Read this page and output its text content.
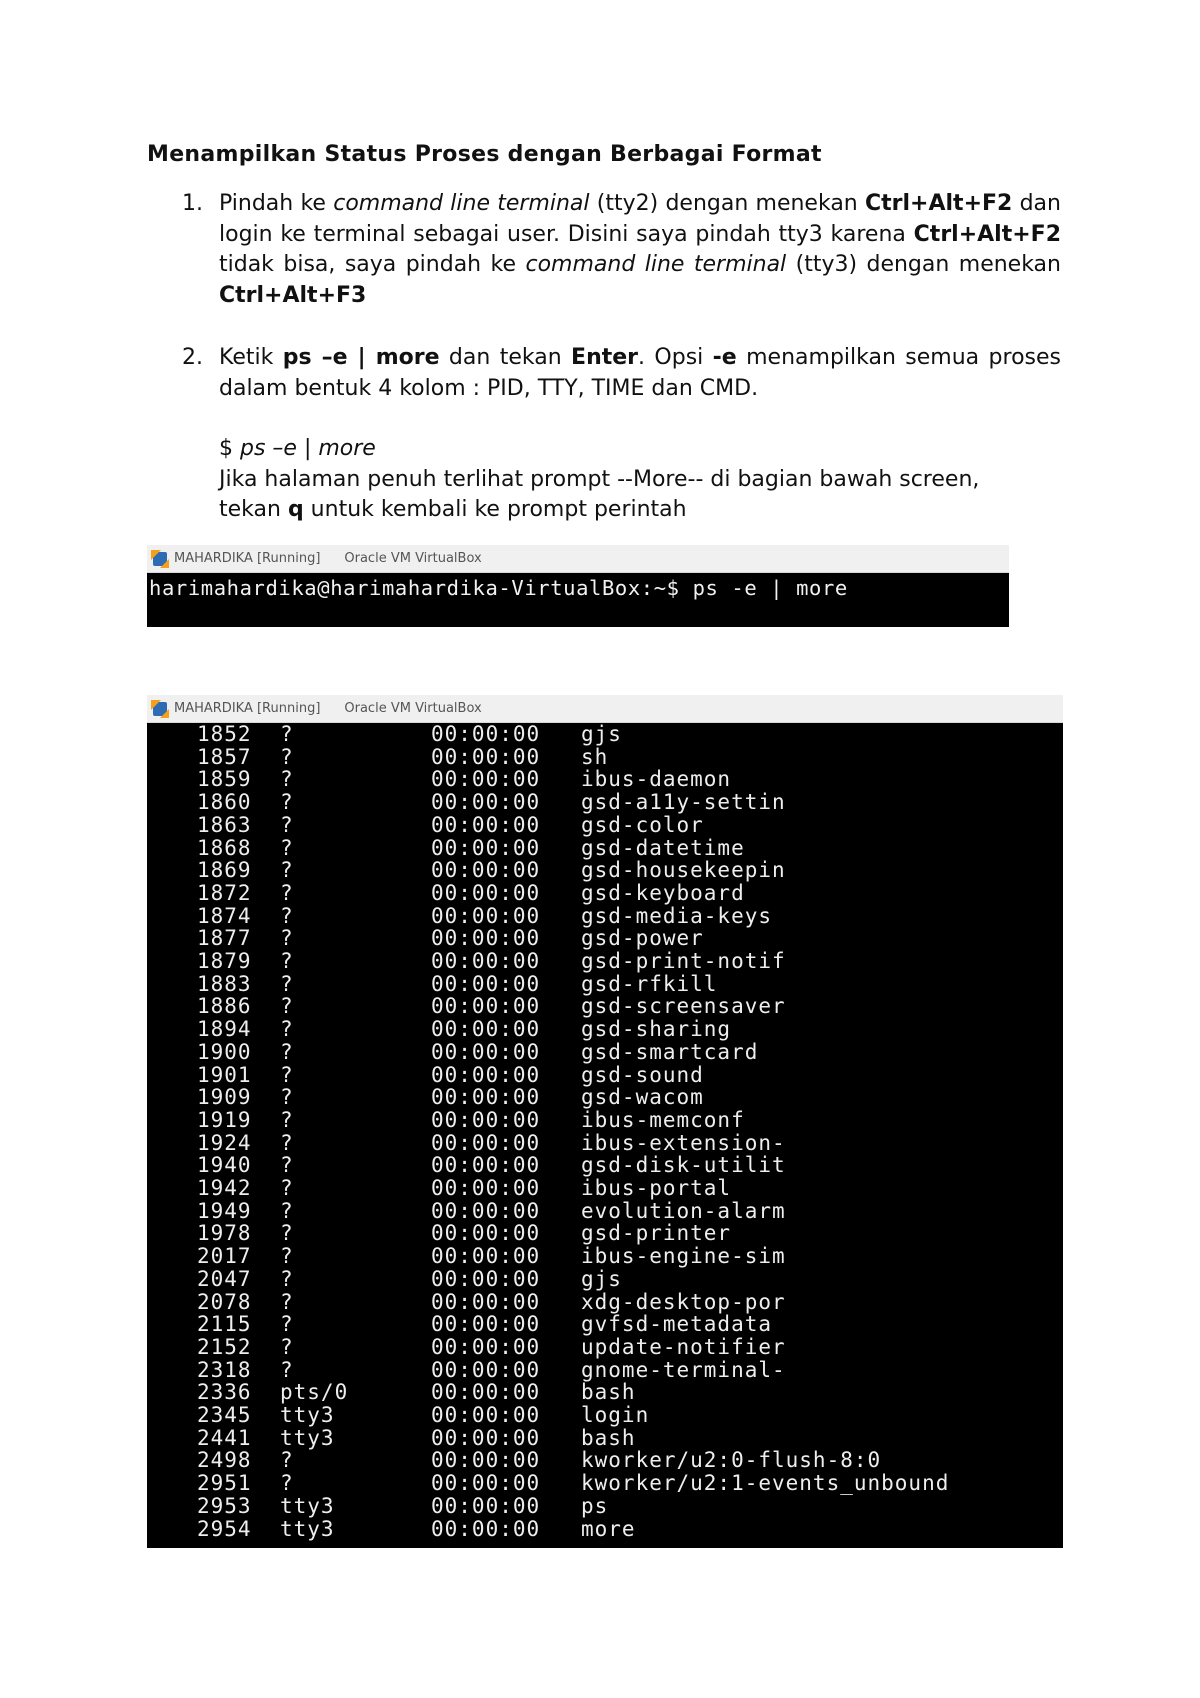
Menampilkan Status Proses dengan Berbagai Format
1. Pindah ke command line terminal (tty2) dengan menekan Ctrl+Alt+F2 dan login ke terminal sebagai user. Disini saya pindah tty3 karena Ctrl+Alt+F2 tidak bisa, saya pindah ke command line terminal (tty3) dengan menekan Ctrl+Alt+F3

2. Ketik ps –e | more dan tekan Enter. Opsi -e menampilkan semua proses dalam bentuk 4 kolom : PID, TTY, TIME dan CMD.

$ ps –e | more
Jika halaman penuh terlihat prompt --More-- di bagian bawah screen,
tekan q untuk kembali ke prompt perintah
MAHARDIKA [Running] Oracle VM VirtualBox
harimahardika@harimahardika-VirtualBox:~$ ps -e | more
MAHARDIKA [Running] Oracle VM VirtualBox
1852 ?	00:00:00 gjs
1857 ?	00:00:00 sh
1859 ?	00:00:00 ibus-daemon
1860 ?	00:00:00 gsd-a11y-settin
1863 ?	00:00:00 gsd-color
1868 ?	00:00:00 gsd-datetime
1869 ?	00:00:00 gsd-housekeepin
1872 ?	00:00:00 gsd-keyboard
1874 ?	00:00:00 gsd-media-keys
1877 ?	00:00:00 gsd-power
1879 ?	00:00:00 gsd-print-notif
1883 ?	00:00:00 gsd-rfkill
1886 ?	00:00:00 gsd-screensaver
1894 ?	00:00:00 gsd-sharing
1900 ?	00:00:00 gsd-smartcard
1901 ?	00:00:00 gsd-sound
1909 ?	00:00:00 gsd-wacom
1919 ?	00:00:00 ibus-memconf
1924 ?	00:00:00 ibus-extension-
1940 ?	00:00:00 gsd-disk-utilit
1942 ?	00:00:00 ibus-portal
1949 ?	00:00:00 evolution-alarm
1978 ?	00:00:00 gsd-printer
2017 ?	00:00:00 ibus-engine-sim
2047 ?	00:00:00 gjs
2078 ?	00:00:00 xdg-desktop-por
2115 ?	00:00:00 gvfsd-metadata
2152 ?	00:00:00 update-notifier
2318 ?	00:00:00 gnome-terminal-
2336 pts/0	00:00:00 bash
2345 tty3	00:00:00 login
2441 tty3	00:00:00 bash
2498 ?	00:00:00 kworker/u2:0-flush-8:0
2951 ?	00:00:00 kworker/u2:1-events_unbound
2953 tty3	00:00:00 ps
2954 tty3	00:00:00 more
